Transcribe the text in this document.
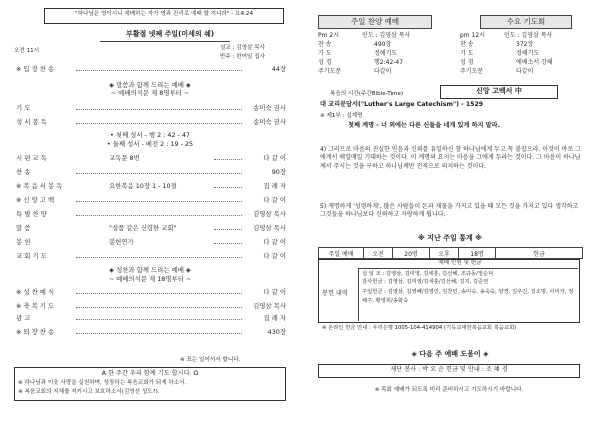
"하나님은 영이시니 예배하는 자가 영과 진리로 예배 할 지니라" - 요4:24
부활절 넷째 주일(미세의 쉐)
오전 11시	설교 : 김영삼 목사
반주 : 한여일 집사
※ 입 장 찬 송	44장
◈ 말씀과 함께 드리는 예배 ◈
~ 예배의식문 제 8명부터 ~
기 도	송미숙 권사
성 서 봉 독	송미숙 권사
• 첫째 성서 - 행 2 : 42 - 47
• 둘째 성서 - 베전 2 : 19 - 25
시 편 교 독	교독문 8번	다 같 이
찬 송	90장
※ 복 음 서 봉 독	요한복음 10장 1 - 10절	집 례 자
※ 신 앙 고 백	다 같 이
특 별 찬 양	김영삼 목사
말 씀	"성품 같은 신령한 교회"	김영삼 목사
봉 헌	봉헌연가	다 같 이
교 회 기 도	다 같 이
◈ 성찬과 함께 드리는 예배 ◈
~ 예배의식문 제 18명부터 ~
※ 성 찬 예 식	다 같 이
※ 축 복 기 도	김영삼 목사
광 고	집 례 자
※ 퇴 장 찬 송	430장
※ 표는 일어서서 합니다.
A 한 주간 우리 함께 기도 합시다. Ω
※ 하나님과 이웃 사랑을 실천하며, 성장하는 복음교회가 되게 하소서.
※ 복음교회의 지체를 지키시고 보호하소서(김영선 성도?).
주일 찬양 예배	수요 기도회
Pm 2시	인도 : 김영삼 목사
찬 송	490장
기 도	정해기도
성 경	행2:42-47
주기도문	다같이
pm 12시	인도 : 김영삼 목사
찬 송	372장
기 도	정해기도
성 경	에베소서 강해
주기도문	다같이
복음의 시간(주간Bible-Time)	신앙 고백서 中
대 교리문답서("Luther's Large Catechism") - 1529
※ 제1부 : 십계명
첫째 계명 - 너 외에는 다른 신들을 네게 있게 하지 말라.
4) 그러므로 마음의 진실한 믿음과 신뢰를 유일하신 참 하나님에게 두고 꼭 붙잡으라. 이것이 바로 그에게서 매일매일 기대하는 것이다. 이 계명의 요지는 마음을 그에게 두라는 것이다. 그 마음이 하나님께서 주시는 것을 구하고 하나님께만 전적으로 의지하는 것이다.
5) 계명하게 '성령하게', 많은 사람들이 돈과 재물을 가지고 있을 때 모든 것을 가지고 있다 생각하고 그것들을 하나님보다 신뢰하고 자랑하게 됩니다.
※ 지난 주일 통계 ※
주일 예배	오전	20명	오후	18명	헌금
예배 인원 및 헌금
봉헌 내역
십 일 조 : 김영삼, 김미영, 김세훈, 김선혜, 조규동/정순덕
감사헌금 : 김영삼, 김미영/김세훈/김선혜, 김지, 김준권
주일헌금 : 김영삼, 김영혜/김영민, 김찬민, 송미숙, 송숙숙, 양경, 김우진, 김소명, 이미자, 정해주, 황영희/송화숙
※ 온라인 헌금 안내 : 우리은행 1005-104-414904 (기독교대한복음교회 복음교회)
◈ 다음 주 예배 도움이 ◈
제단 봉사 : 박 요 순 헌금 및 안내 : 조 혜 경
※ 목회 예배가 되도록 미리 준비하시고 기도하시기 바랍니다.
